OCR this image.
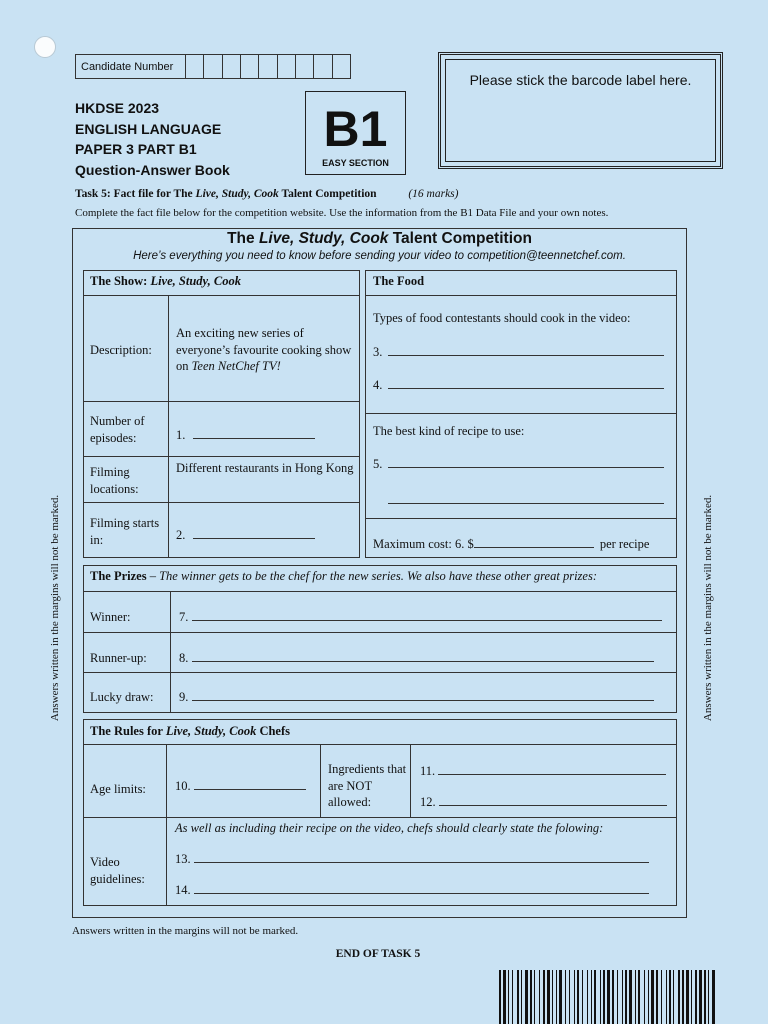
Candidate Number
HKDSE 2023
ENGLISH LANGUAGE
PAPER 3 PART B1
Question-Answer Book
B1
EASY SECTION
Please stick the barcode label here.
Task 5: Fact file for The Live, Study, Cook Talent Competition	(16 marks)
Complete the fact file below for the competition website. Use the information from the B1 Data File and your own notes.
The Live, Study, Cook Talent Competition
Here’s everything you need to know before sending your video to competition@teennetchef.com.
The Show: Live, Study, Cook
Description:
An exciting new series of everyone’s favourite cooking show on Teen NetChef TV!
Number of episodes:	1.
Filming locations:
Different restaurants in Hong Kong
Filming starts in:	2.
The Food
Types of food contestants should cook in the video:
3.
4.
The best kind of recipe to use:
5.
Maximum cost: 6. $	per recipe
The Prizes – The winner gets to be the chef for the new series. We also have these other great prizes:
Winner:	7.
Runner-up:	8.
Lucky draw: 9.
The Rules for Live, Study, Cook Chefs
Age limits: 10.
Ingredients that are NOT allowed:
11.
12.
Video guidelines:
As well as including their recipe on the video, chefs should clearly state the folowing:
13.
14.
Answers written in the margins will not be marked.	Answers written in the margins will not be marked.
Answers written in the margins will not be marked.
END OF TASK 5
